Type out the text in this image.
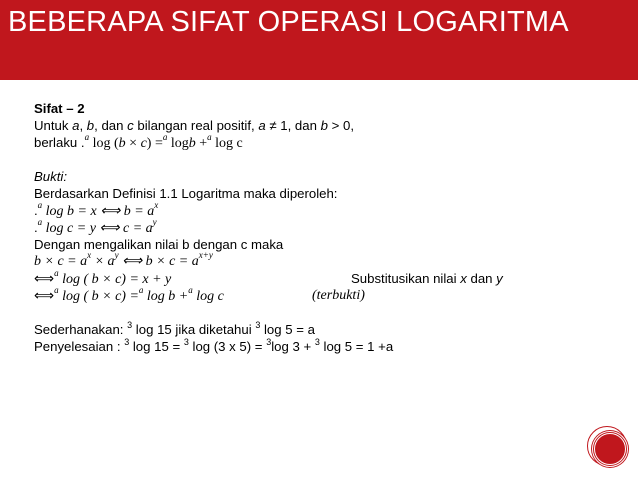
BEBERAPA SIFAT OPERASI LOGARITMA
Sifat – 2
Untuk a, b, dan c bilangan real positif, a ≠ 1, dan b > 0,
berlaku .$^a$ log (b × c) =$^a$ logb +$^a$ log c
Bukti:
Berdasarkan Definisi 1.1 Logaritma maka diperoleh:
.$^a$ log b = x ⟺ $b = a^x$
.$^a$ log c = y ⟺ $c = a^y$
Dengan mengalikan nilai b dengan c maka
$b \times c = a^x \times a^y$ ⟺ $b \times c = a^{x+y}$
⟺$^a$ log ( b × c) = x + y	Substitusikan nilai x dan y
⟺$^a$ log ( b × c) =$^a$ log b +$^a$ log c	(terbukti)
Sederhanakan: $^3$ log 15 jika diketahui $^3$ log 5 = a
Penyelesaian : $^3$ log 15 = $^3$ log (3 x 5) = $^3$log 3 + $^3$ log 5 = 1 +a
